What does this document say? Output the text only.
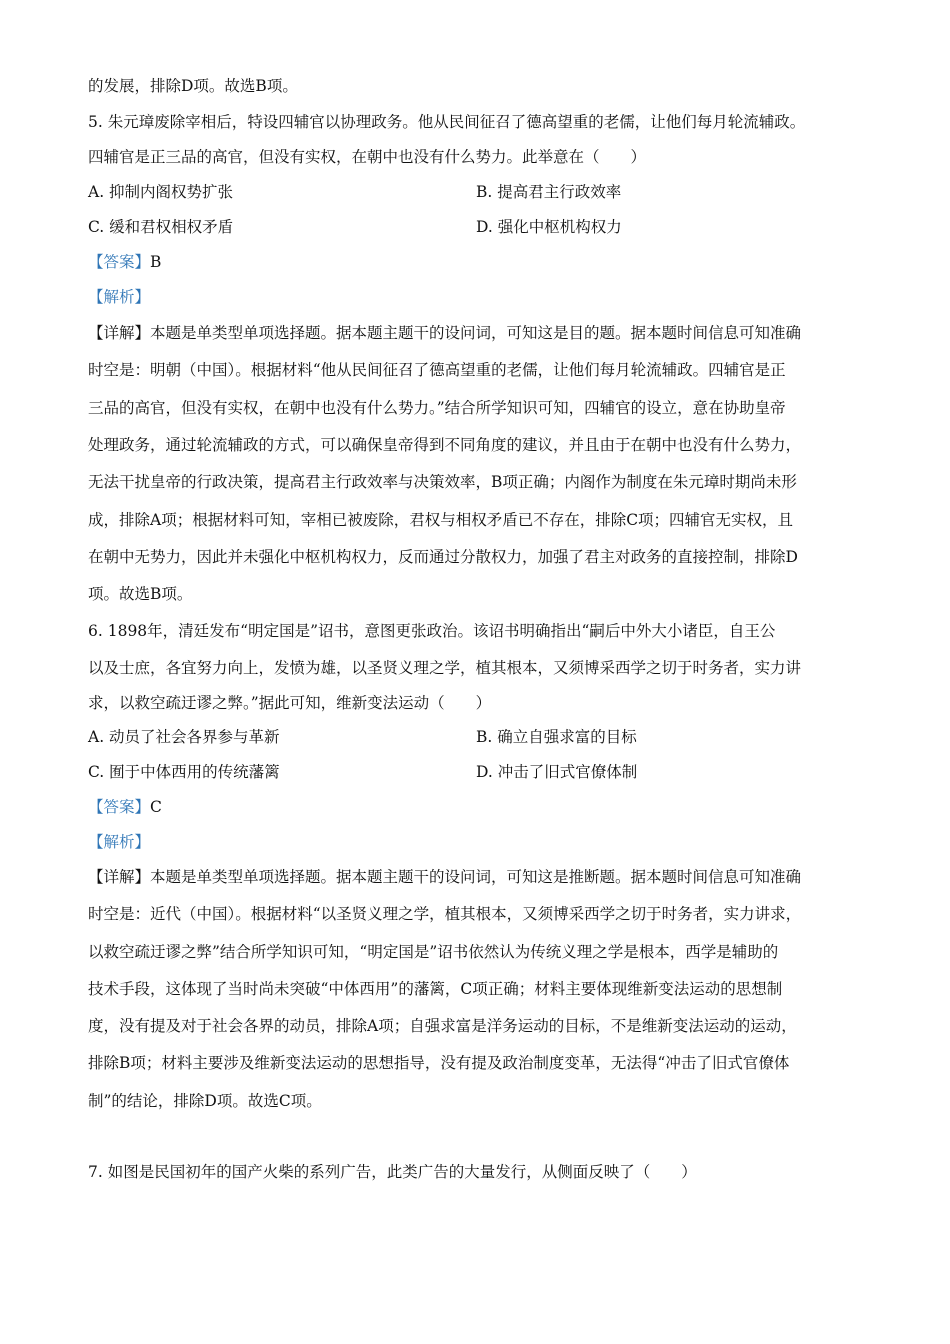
的发展，排除D项。故选B项。
5. 朱元璋废除宰相后，特设四辅官以协理政务。他从民间征召了德高望重的老儒，让他们每月轮流辅政。
四辅官是正三品的高官，但没有实权，在朝中也没有什么势力。此举意在（　　）
A. 抑制内阁权势扩张	B. 提高君主行政效率
C. 缓和君权相权矛盾	D. 强化中枢机构权力
【答案】B
【解析】
【详解】本题是单类型单项选择题。据本题主题干的设问词，可知这是目的题。据本题时间信息可知准确
时空是：明朝（中国）。根据材料“他从民间征召了德高望重的老儒，让他们每月轮流辅政。四辅官是正
三品的高官，但没有实权，在朝中也没有什么势力。”结合所学知识可知，四辅官的设立，意在协助皇帝
处理政务，通过轮流辅政的方式，可以确保皇帝得到不同角度的建议，并且由于在朝中也没有什么势力，
无法干扰皇帝的行政决策，提高君主行政效率与决策效率，B项正确；内阁作为制度在朱元璋时期尚未形
成，排除A项；根据材料可知，宰相已被废除，君权与相权矛盾已不存在，排除C项；四辅官无实权，且
在朝中无势力，因此并未强化中枢机构权力，反而通过分散权力，加强了君主对政务的直接控制，排除D
项。故选B项。
6. 1898年，清廷发布“明定国是”诏书，意图更张政治。该诏书明确指出“嗣后中外大小诸臣，自王公
以及士庶，各宜努力向上，发愤为雄，以圣贤义理之学，植其根本，又须博采西学之切于时务者，实力讲
求，以救空疏迂谬之弊。”据此可知，维新变法运动（　　）
A. 动员了社会各界参与革新	B. 确立自强求富的目标
C. 囿于中体西用的传统藩篱	D. 冲击了旧式官僚体制
【答案】C
【解析】
【详解】本题是单类型单项选择题。据本题主题干的设问词，可知这是推断题。据本题时间信息可知准确
时空是：近代（中国）。根据材料“以圣贤义理之学，植其根本，又须博采西学之切于时务者，实力讲求，
以救空疏迂谬之弊”结合所学知识可知，“明定国是”诏书依然认为传统义理之学是根本，西学是辅助的
技术手段，这体现了当时尚未突破“中体西用”的藩篱，C项正确；材料主要体现维新变法运动的思想制
度，没有提及对于社会各界的动员，排除A项；自强求富是洋务运动的目标，不是维新变法运动的运动，
排除B项；材料主要涉及维新变法运动的思想指导，没有提及政治制度变革，无法得“冲击了旧式官僚体
制”的结论，排除D项。故选C项。
7. 如图是民国初年的国产火柴的系列广告，此类广告的大量发行，从侧面反映了（　　）
